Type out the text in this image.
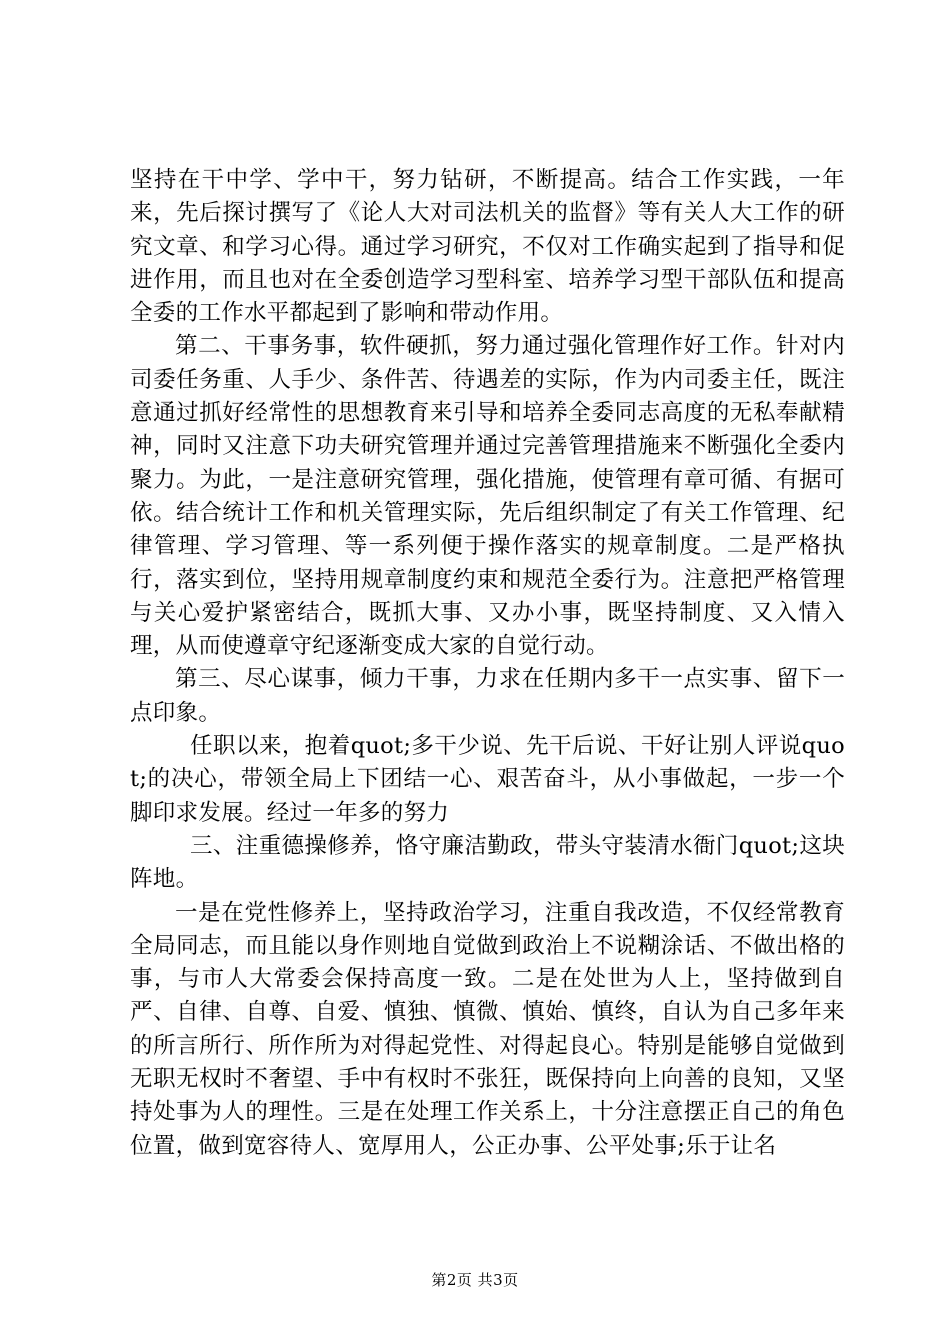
坚持在干中学、学中干，努力钻研，不断提高。结合工作实践，一年来，先后探讨撰写了《论人大对司法机关的监督》等有关人大工作的研究文章、和学习心得。通过学习研究，不仅对工作确实起到了指导和促进作用，而且也对在全委创造学习型科室、培养学习型干部队伍和提高全委的工作水平都起到了影响和带动作用。

第二、干事务事，软件硬抓，努力通过强化管理作好工作。针对内司委任务重、人手少、条件苦、待遇差的实际，作为内司委主任，既注意通过抓好经常性的思想教育来引导和培养全委同志高度的无私奉献精神，同时又注意下功夫研究管理并通过完善管理措施来不断强化全委内聚力。为此，一是注意研究管理，强化措施，使管理有章可循、有据可依。结合统计工作和机关管理实际，先后组织制定了有关工作管理、纪律管理、学习管理、等一系列便于操作落实的规章制度。二是严格执行，落实到位，坚持用规章制度约束和规范全委行为。注意把严格管理与关心爱护紧密结合，既抓大事、又办小事，既坚持制度、又入情入理，从而使遵章守纪逐渐变成大家的自觉行动。

第三、尽心谋事，倾力干事，力求在任期内多干一点实事、留下一点印象。

任职以来，抱着quot;多干少说、先干后说、干好让别人评说quot;的决心，带领全局上下团结一心、艰苦奋斗，从小事做起，一步一个脚印求发展。经过一年多的努力

三、注重德操修养，恪守廉洁勤政，带头守装清水衙门quot;这块阵地。

一是在党性修养上，坚持政治学习，注重自我改造，不仅经常教育全局同志，而且能以身作则地自觉做到政治上不说糊涂话、不做出格的事，与市人大常委会保持高度一致。二是在处世为人上，坚持做到自严、自律、自尊、自爱、慎独、慎微、慎始、慎终，自认为自己多年来的所言所行、所作所为对得起党性、对得起良心。特别是能够自觉做到无职无权时不奢望、手中有权时不张狂，既保持向上向善的良知，又坚持处事为人的理性。三是在处理工作关系上，十分注意摆正自己的角色位置，做到宽容待人、宽厚用人，公正办事、公平处事;乐于让名

第2页 共3页
